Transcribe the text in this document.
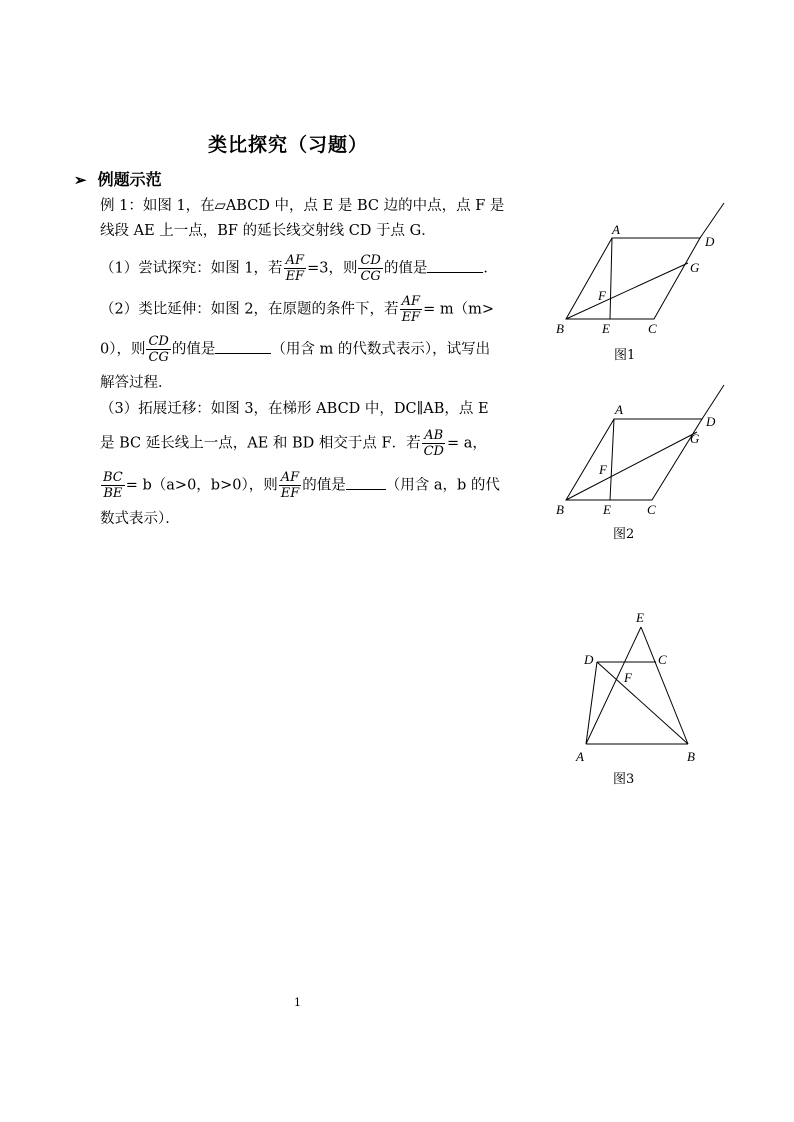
类比探究（习题）
➢ 例题示范
例 1：如图 1，在▱ABCD 中，点 E 是 BC 边的中点，点 F 是
线段 AE 上一点，BF 的延长线交射线 CD 于点 G．
（1）尝试探究：如图 1，若 $\frac{AF}{EF} =3$，则 $\frac{CD}{CG}$ 的值是	．
（2）类比延伸：如图 2，在原题的条件下，若 $\frac{AF}{EF} = m(m>$
0），则 $\frac{CD}{CG}$ 的值是	（用含 m 的代数式表示），试写出
解答过程．
（3）拓展迁移：如图 3，在梯形 ABCD 中，DC∥AB，点 E
是 BC 延长线上一点，AE 和 BD 相交于点 F．若 $\frac{AB}{CD} = a$，
$\frac{BC}{BE} = b(a>0$，b>0），则 $\frac{AF}{EF}$ 的值是	（用含 a，b 的代
数式表示）．
A
B	C
D
E
F
G
图1
A
B	C
D
E
F
G
图2
E
D	C
F
A	B
图3
1
